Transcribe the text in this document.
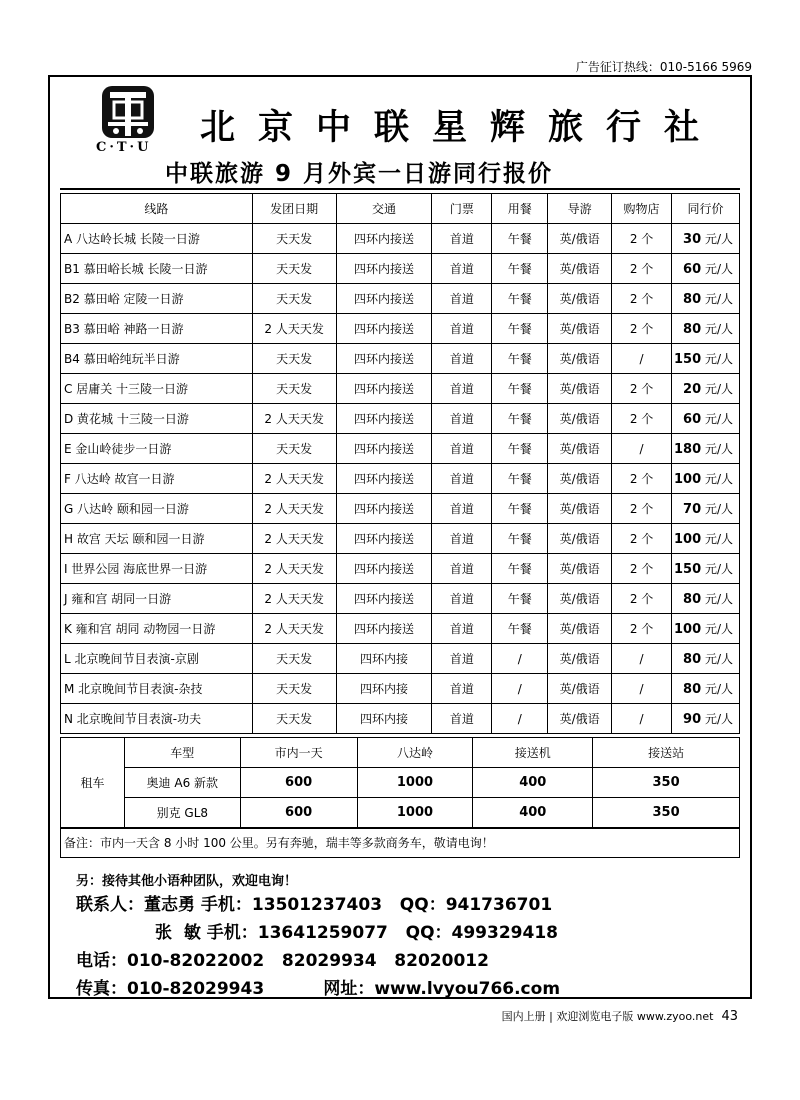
广告征订热线：010-5166 5969
C·T·U 北京中联星辉旅行社
中联旅游 9 月外宾一日游同行报价
线路	发团日期	交通	门票	用餐	导游	购物店	同行价
A 八达岭长城 长陵一日游	天天发	四环内接送	首道	午餐	英/俄语	2 个	30 元/人
B1 慕田峪长城 长陵一日游	天天发	四环内接送	首道	午餐	英/俄语	2 个	60 元/人
B2 慕田峪 定陵一日游	天天发	四环内接送	首道	午餐	英/俄语	2 个	80 元/人
B3 慕田峪 神路一日游	2 人天天发	四环内接送	首道	午餐	英/俄语	2 个	80 元/人
B4 慕田峪纯玩半日游	天天发	四环内接送	首道	午餐	英/俄语	/	150 元/人
C 居庸关 十三陵一日游	天天发	四环内接送	首道	午餐	英/俄语	2 个	20 元/人
D 黄花城 十三陵一日游	2 人天天发	四环内接送	首道	午餐	英/俄语	2 个	60 元/人
E 金山岭徒步一日游	天天发	四环内接送	首道	午餐	英/俄语	/	180 元/人
F 八达岭 故宫一日游	2 人天天发	四环内接送	首道	午餐	英/俄语	2 个	100 元/人
G 八达岭 颐和园一日游	2 人天天发	四环内接送	首道	午餐	英/俄语	2 个	70 元/人
H 故宫 天坛 颐和园一日游	2 人天天发	四环内接送	首道	午餐	英/俄语	2 个	100 元/人
I 世界公园 海底世界一日游	2 人天天发	四环内接送	首道	午餐	英/俄语	2 个	150 元/人
J 雍和宫 胡同一日游	2 人天天发	四环内接送	首道	午餐	英/俄语	2 个	80 元/人
K 雍和宫 胡同 动物园一日游	2 人天天发	四环内接送	首道	午餐	英/俄语	2 个	100 元/人
L 北京晚间节目表演-京剧	天天发	四环内接	首道	/	英/俄语	/	80 元/人
M 北京晚间节目表演-杂技	天天发	四环内接	首道	/	英/俄语	/	80 元/人
N 北京晚间节目表演-功夫	天天发	四环内接	首道	/	英/俄语	/	90 元/人
租车	车型	市内一天	八达岭	接送机	接送站
	奥迪 A6 新款	600	1000	400	350
	别克 GL8	600	1000	400	350
备注：市内一天含 8 小时 100 公里。另有奔驰，瑞丰等多款商务车，敬请电询！
另：接待其他小语种团队，欢迎电询！
联系人：董志勇 手机：13501237403   QQ：941736701
张  敏 手机：13641259077   QQ：499329418
电话：010-82022002   82029934   82020012
传真：010-82029943          网址：www.lvyou766.com
国内上册 | 欢迎浏览电子版 www.zyoo.net 43
